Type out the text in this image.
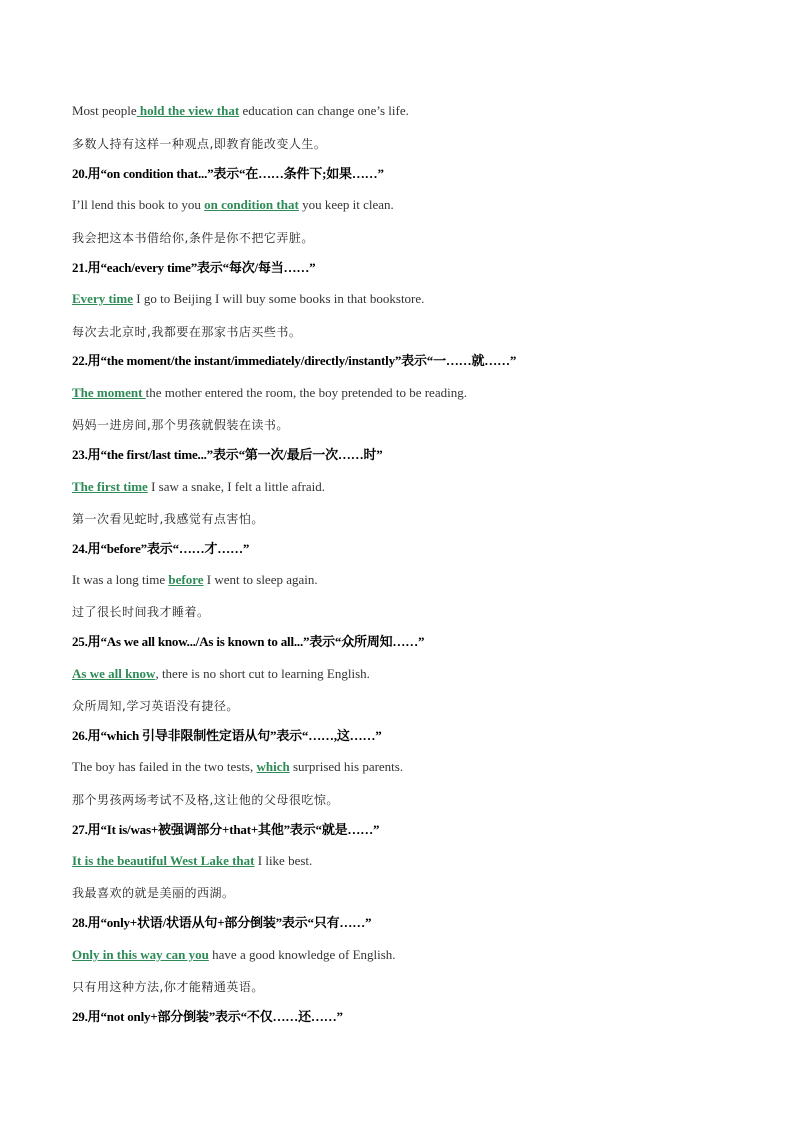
Most people hold the view that education can change one’s life.
多数人持有这样一种观点,即教育能改变人生。
20.用“on condition that...”表示“在……条件下;如果……”
I’ll lend this book to you on condition that you keep it clean.
我会把这本书借给你,条件是你不把它弄脏。
21.用“each/every time”表示“每次/每当……”
Every time I go to Beijing I will buy some books in that bookstore.
每次去北京时,我都要在那家书店买些书。
22.用“the moment/the instant/immediately/directly/instantly”表示“一……就……”
The moment the mother entered the room, the boy pretended to be reading.
妈妈一进房间,那个男孩就假装在读书。
23.用“the first/last time...”表示“第一次/最后一次……时”
The first time I saw a snake, I felt a little afraid.
第一次看见蛇时,我感觉有点害怕。
24.用“before”表示“……才……”
It was a long time before I went to sleep again.
过了很长时间我才睡着。
25.用“As we all know.../As is known to all...”表示“众所周知……”
As we all know, there is no short cut to learning English.
众所周知,学习英语没有捷径。
26.用“which 引导非限制性定语从句”表示“……,这……”
The boy has failed in the two tests, which surprised his parents.
那个男孩两场考试不及格,这让他的父母很吃惊。
27.用“It is/was+被强调部分+that+其他”表示“就是……”
It is the beautiful West Lake that I like best.
我最喜欢的就是美丽的西湖。
28.用“only+状语/状语从句+部分倒装”表示“只有……”
Only in this way can you have a good knowledge of English.
只有用这种方法,你才能精通英语。
29.用“not only+部分倒装”表示“不仅……还……”
